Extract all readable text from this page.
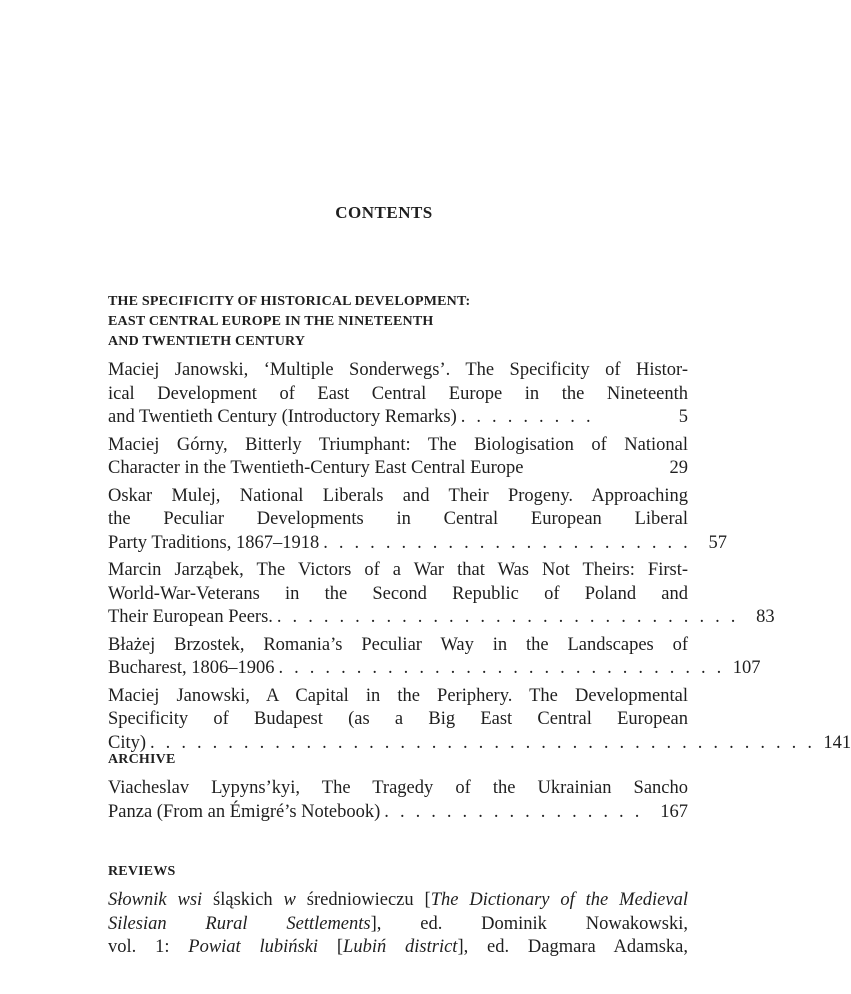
CONTENTS
THE SPECIFICITY OF HISTORICAL DEVELOPMENT:
EAST CENTRAL EUROPE IN THE NINETEENTH
AND TWENTIETH CENTURY
Maciej Janowski, ‘Multiple Sonderwegs’. The Specificity of Histor-
ical Development of East Central Europe in the Nineteenth
and Twentieth Century (Introductory Remarks) . . . . . . . . .	5
Maciej Górny, Bitterly Triumphant: The Biologisation of National
Character in the Twentieth-Century East Central Europe	29
Oskar Mulej, National Liberals and Their Progeny. Approaching
the Peculiar Developments in Central European Liberal
Party Traditions, 1867–1918 . . . . . . . . . . . . . . . . . . . . . . . . 57
Marcin Jarząbek, The Victors of a War that Was Not Theirs: First-
World-War-Veterans in the Second Republic of Poland and
Their European Peers. . . . . . . . . . . . . . . . . . . . . . . . . . . . . . . 83
Błażej Brzostek, Romania’s Peculiar Way in the Landscapes of
Bucharest, 1806–1906 . . . . . . . . . . . . . . . . . . . . . . . . . . . . . 107
Maciej Janowski, A Capital in the Periphery. The Developmental
Specificity of Budapest (as a Big East Central European
City) . . . . . . . . . . . . . . . . . . . . . . . . . . . . . . . . . . . . . . . . . . . 141
ARCHIVE
Viacheslav Lypyns’kyi, The Tragedy of the Ukrainian Sancho
Panza (From an Émigré’s Notebook) . . . . . . . . . . . . . . . . . 167
REVIEWS
Słownik wsi śląskich w średniowieczu [The Dictionary of the Medieval
Silesian Rural Settlements], ed. Dominik Nowakowski,
vol. 1: Powiat lubiński [Lubiń district], ed. Dagmara Adamska,
